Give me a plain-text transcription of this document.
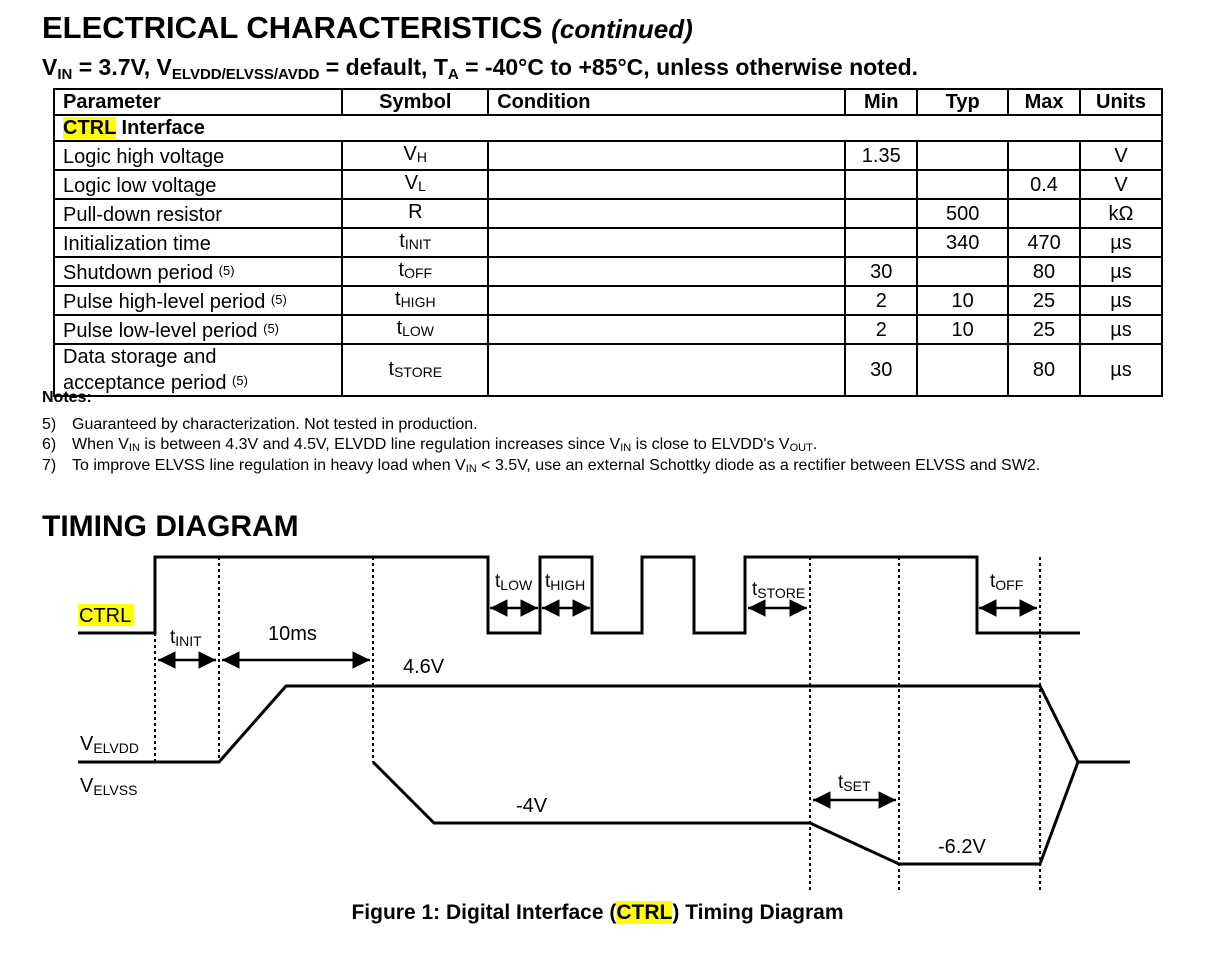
ELECTRICAL CHARACTERISTICS (continued)
$V_{IN} = 3.7V$, $V_{ELVDD/ELVSS/AVDD}$ = default, $T_A = -40^\circ C$ to +85°C, unless otherwise noted.
Parameter	Symbol	Condition	Min	Typ	Max	Units
CTRL Interface						
Logic high voltage	$V_H$		1.35			V
Logic low voltage	$V_L$				0.4	V
Pull-down resistor	R			500		kΩ
Initialization time	$t_{INIT}$			340	470	µs
Shutdown period $^{(5)}$	$t_{OFF}$		30		80	µs
Pulse high-level period $^{(5)}$	$t_{HIGH}$		2	10	25	µs
Pulse low-level period $^{(5)}$	$t_{LOW}$		2	10	25	µs
Data storage and
acceptance period $^{(5)}$	$t_{STORE}$		30		80	µs
Notes:
5) Guaranteed by characterization. Not tested in production.
6) When $V_{IN}$ is between 4.3V and 4.5V, ELVDD line regulation increases since $V_{IN}$ is close to ELVDD's $V_{OUT}$.
7) To improve ELVSS line regulation in heavy load when $V_{IN} < 3.5V$, use an external Schottky diode as a rectifier between ELVSS and SW2.
TIMING DIAGRAM
CTRL
tINIT	10ms
4.6V
tLOW tHIGH	tSTORE
tOFF
tSET
VELVDD
VELVSS
-4V
-6.2V
Figure 1: Digital Interface (CTRL) Timing Diagram
